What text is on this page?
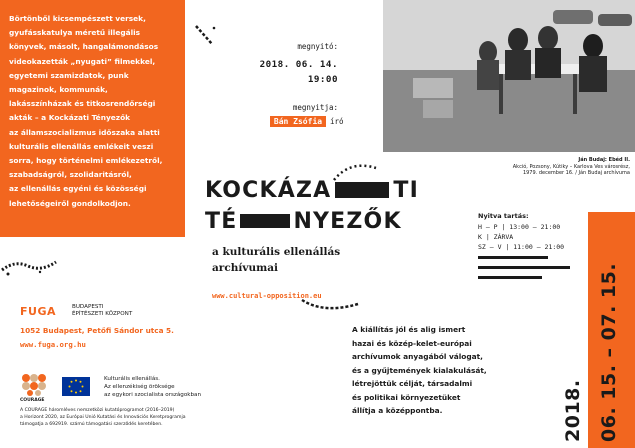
Börtönből kicsempészett versek,
gyufásskatulya méretű illegális
könyvek, másolt, hangalámondásos
videokazetták „nyugati” filmekkel,
egyetemi szamizdatok, punk
magazinok, kommunák,
lakásszínházak és titkosrendőrségi
akták – a Kockázati Tényezők
az államszocializmus időszaka alatti
kulturális ellenállás emlékeit veszi
sorra, hogy történelmi emlékezetről,
szabadságról, szolidaritásról,
az ellenállás egyéni és közösségi
lehetőségeiről gondolkodjon.
megnyitó:
2018. 06. 14.
19:00
megnyitja:
Bán Zsófia	író
Ján Budaj: Ebéd II.
Akció, Pozsony, Kútiky – Karlova Ves városrész,
1979. december 16. / Ján Budaj archívuma
KOCKÁZA	TI
TÉ	NYEZŐK
a kulturális ellenállás
archívumai
www.cultural-opposition.eu
Nyitva tartás:
H – P | 13:00 – 21:00
K | ZÁRVA
SZ – V | 11:00 – 21:00
06. 15. – 07. 15.
2018.
FUGA	BUDAPESTI
ÉPÍTÉSZETI KÖZPONT
1052 Budapest, Petőfi Sándor utca 5.
www.fuga.org.hu
A kiállítás jól és alig ismert
hazai és közép-kelet-európai
archívumok anyagából válogat,
és a gyűjtemények kialakulását,
létrejöttük célját, társadalmi
és politikai környezetüket
állítja a középpontba.
COURAGE
Kulturális ellenállás.
Az ellenzékiség öröksége
az egykori szocialista országokban
A COURAGE háromléves nemzetközi kutatóprogramot (2016–2019)
a Horizont 2020, az Európai Unió Kutatási és Innovációs Keretprogramja
támogatja a 692919. számú támogatási szerződés keretében.
